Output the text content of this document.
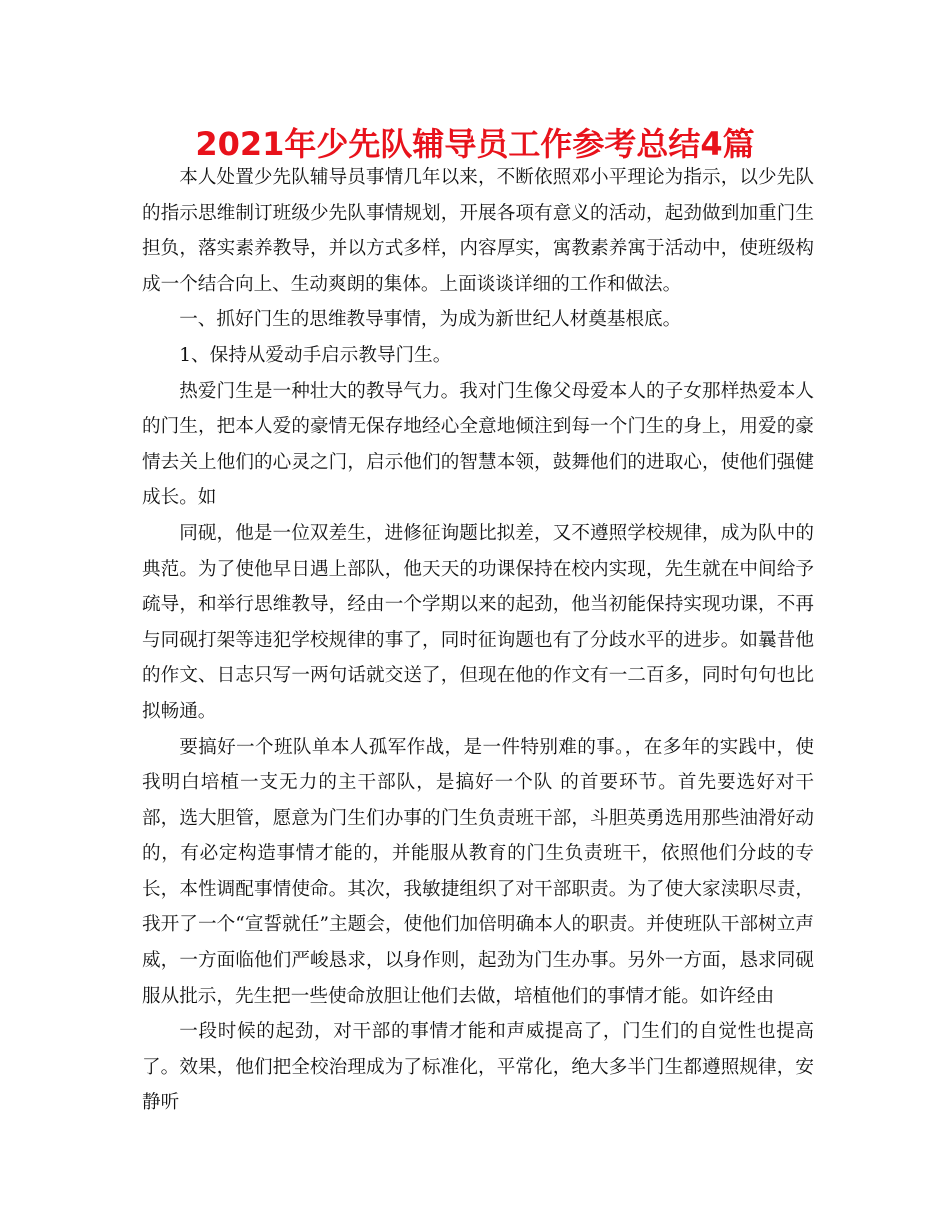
2021年少先队辅导员工作参考总结4篇

本人处置少先队辅导员事情几年以来，不断依照邓小平理论为指示，以少先队的指示思维制订班级少先队事情规划，开展各项有意义的活动，起劲做到加重门生担负，落实素养教导，并以方式多样，内容厚实，寓教素养寓于活动中，使班级构成一个结合向上、生动爽朗的集体。上面谈谈详细的工作和做法。

一、抓好门生的思维教导事情，为成为新世纪人材奠基根底。

1、保持从爱动手启示教导门生。

热爱门生是一种壮大的教导气力。我对门生像父母爱本人的子女那样热爱本人的门生，把本人爱的豪情无保存地经心全意地倾注到每一个门生的身上，用爱的豪情去关上他们的心灵之门，启示他们的智慧本领，鼓舞他们的进取心，使他们强健成长。如

同砚，他是一位双差生，进修征询题比拟差，又不遵照学校规律，成为队中的典范。为了使他早日遇上部队，他天天的功课保持在校内实现，先生就在中间给予疏导，和举行思维教导，经由一个学期以来的起劲，他当初能保持实现功课，不再与同砚打架等违犯学校规律的事了，同时征询题也有了分歧水平的进步。如曩昔他的作文、日志只写一两句话就交送了，但现在他的作文有一二百多，同时句句也比拟畅通。

要搞好一个班队单本人孤军作战，是一件特别难的事。，在多年的实践中，使我明白培植一支无力的主干部队，是搞好一个队 的首要环节。首先要选好对干部，选大胆管，愿意为门生们办事的门生负责班干部，斗胆英勇选用那些油滑好动的，有必定构造事情才能的，并能服从教育的门生负责班干，依照他们分歧的专长，本性调配事情使命。其次，我敏捷组织了对干部职责。为了使大家渎职尽责，我开了一个“宣誓就任”主题会，使他们加倍明确本人的职责。并使班队干部树立声威，一方面临他们严峻恳求，以身作则，起劲为门生办事。另外一方面，恳求同砚服从批示，先生把一些使命放胆让他们去做，培植他们的事情才能。如许经由

一段时候的起劲，对干部的事情才能和声威提高了，门生们的自觉性也提高了。效果，他们把全校治理成为了标准化，平常化，绝大多半门生都遵照规律，安静听
